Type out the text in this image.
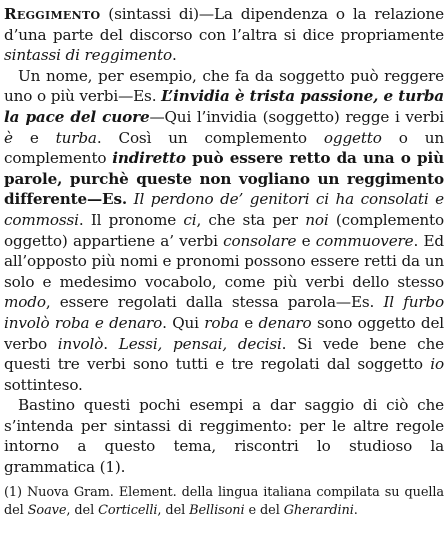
Reggimento (sintassi di)—La dipendenza o la relazione d’una parte del discorso con l’altra si dice propriamente sintassi di reggimento.

Un nome, per esempio, che fa da soggetto può reggere uno o più verbi—Es. L’invidia è trista passione, e turba la pace del cuore—Qui l’invidia (soggetto) regge i verbi è e turba. Così un complemento oggetto o un complemento indiretto può essere retto da una o più parole, purchè queste non vogliano un reggimento differente—Es. Il perdono de’ genitori ci ha consolati e commossi. Il pronome ci, che sta per noi (complemento oggetto) appartiene a’ verbi consolare e commuovere. Ed all’opposto più nomi e pronomi possono essere retti da un solo e medesimo vocabolo, come più verbi dello stesso modo, essere regolati dalla stessa parola—Es. Il furbo involò roba e denaro. Qui roba e denaro sono oggetto del verbo involò. Lessi, pensai, decisi. Si vede bene che questi tre verbi sono tutti e tre regolati dal soggetto io sottinteso.

Bastino questi pochi esempi a dar saggio di ciò che s’intenda per sintassi di reggimento: per le altre regole intorno a questo tema, riscontri lo studioso la grammatica (1).

(1) Nuova Gram. Element. della lingua italiana compilata su quella del Soave, del Corticelli, del Bellisoni e del Gherardini.
